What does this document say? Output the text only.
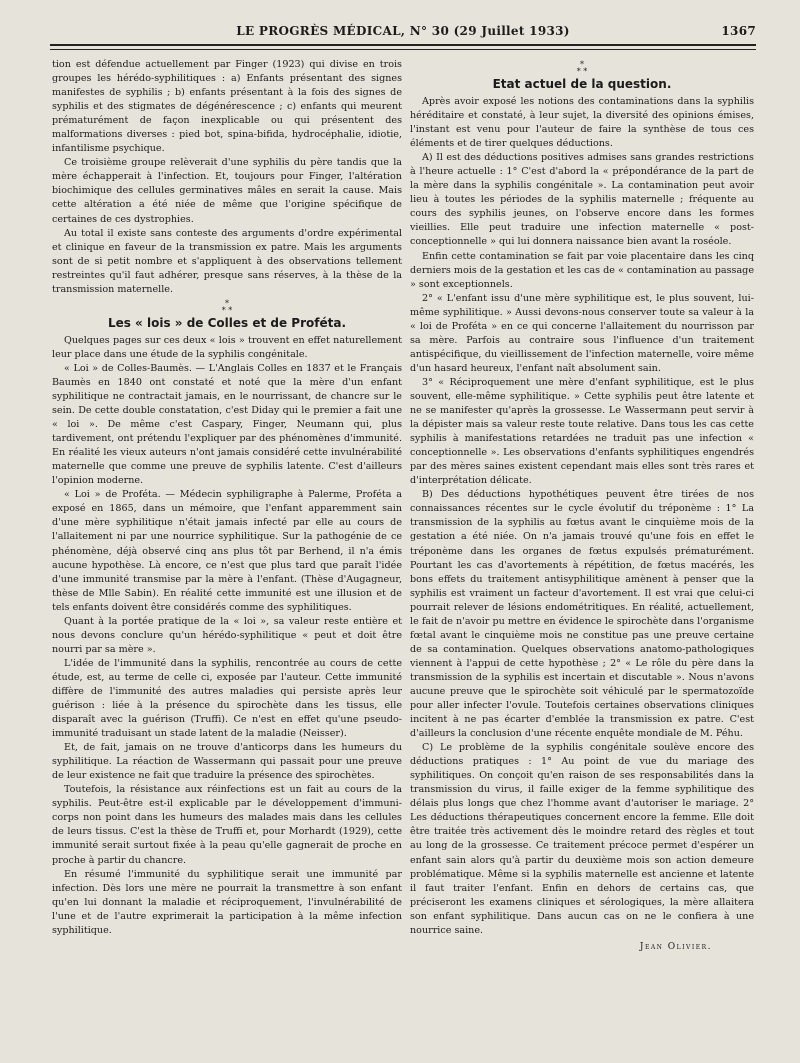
LE PROGRÈS MÉDICAL, N° 30 (29 Juillet 1933)	1367

tion est défendue actuellement par Finger (1923) qui divise en trois groupes les hérédo-syphilitiques : a) Enfants présentant des signes manifestes de syphilis ; b) enfants présentant à la fois des signes de syphilis et des stigmates de dégénérescence ; c) enfants qui meurent prématurément de façon inexplicable ou qui présentent des malformations diverses : pied bot, spina-bifida, hydrocéphalie, idiotie, infantilisme psychique.

Ce troisième groupe relèverait d'une syphilis du père tandis que la mère échapperait à l'infection. Et, toujours pour Finger, l'altération biochimique des cellules germinatives mâles en serait la cause. Mais cette altération a été niée de même que l'origine spécifique de certaines de ces dystrophies.

Au total il existe sans conteste des arguments d'ordre expérimental et clinique en faveur de la transmission ex patre. Mais les arguments sont de si petit nombre et s'appliquent à des observations tellement restreintes qu'il faut adhérer, presque sans réserves, à la thèse de la transmission maternelle.

*
* *
Les « lois » de Colles et de Proféta.

Quelques pages sur ces deux « lois » trouvent en effet naturellement leur place dans une étude de la syphilis congénitale.

« Loi » de Colles-Baumès. — L'Anglais Colles en 1837 et le Français Baumès en 1840 ont constaté et noté que la mère d'un enfant syphilitique ne contractait jamais, en le nourrissant, de chancre sur le sein. De cette double constatation, c'est Diday qui le premier a fait une « loi ». De même c'est Caspary, Finger, Neumann qui, plus tardivement, ont prétendu l'expliquer par des phénomènes d'immunité. En réalité les vieux auteurs n'ont jamais considéré cette invulnérabilité maternelle que comme une preuve de syphilis latente. C'est d'ailleurs l'opinion moderne.

« Loi » de Proféta. — Médecin syphiligraphe à Palerme, Proféta a exposé en 1865, dans un mémoire, que l'enfant apparemment sain d'une mère syphilitique n'était jamais infecté par elle au cours de l'allaitement ni par une nourrice syphilitique. Sur la pathogénie de ce phénomène, déjà observé cinq ans plus tôt par Berhend, il n'a émis aucune hypothèse. Là encore, ce n'est que plus tard que paraît l'idée d'une immunité transmise par la mère à l'enfant. (Thèse d'Augagneur, thèse de Mlle Sabin). En réalité cette immunité est une illusion et de tels enfants doivent être considérés comme des syphilitiques.

Quant à la portée pratique de la « loi », sa valeur reste entière et nous devons conclure qu'un hérédo-syphilitique « peut et doit être nourri par sa mère ».

L'idée de l'immunité dans la syphilis, rencontrée au cours de cette étude, est, au terme de celle ci, exposée par l'auteur. Cette immunité diffère de l'immunité des autres maladies qui persiste après leur guérison : liée à la présence du spirochète dans les tissus, elle disparaît avec la guérison (Truffi). Ce n'est en effet qu'une pseudo-immunité traduisant un stade latent de la maladie (Neisser).

Et, de fait, jamais on ne trouve d'anticorps dans les humeurs du syphilitique. La réaction de Wassermann qui passait pour une preuve de leur existence ne fait que traduire la présence des spirochètes.

Toutefois, la résistance aux réinfections est un fait au cours de la syphilis. Peut-être est-il explicable par le développement d'immuni-corps non point dans les humeurs des malades mais dans les cellules de leurs tissus. C'est la thèse de Truffi et, pour Morhardt (1929), cette immunité serait surtout fixée à la peau qu'elle gagnerait de proche en proche à partir du chancre.

En résumé l'immunité du syphilitique serait une immunité par infection. Dès lors une mère ne pourrait la transmettre à son enfant qu'en lui donnant la maladie et réciproquement, l'invulnérabilité de l'une et de l'autre exprimerait la participation à la même infection syphilitique.

*
* *
Etat actuel de la question.

Après avoir exposé les notions des contaminations dans la syphilis héréditaire et constaté, à leur sujet, la diversité des opinions émises, l'instant est venu pour l'auteur de faire la synthèse de tous ces éléments et de tirer quelques déductions.

A) Il est des déductions positives admises sans grandes restrictions à l'heure actuelle : 1° C'est d'abord la « prépondérance de la part de la mère dans la syphilis congénitale ». La contamination peut avoir lieu à toutes les périodes de la syphilis maternelle ; fréquente au cours des syphilis jeunes, on l'observe encore dans les formes vieillies. Elle peut traduire une infection maternelle « post-conceptionnelle » qui lui donnera naissance bien avant la roséole.

Enfin cette contamination se fait par voie placentaire dans les cinq derniers mois de la gestation et les cas de « contamination au passage » sont exceptionnels.

2° « L'enfant issu d'une mère syphilitique est, le plus souvent, lui-même syphilitique. » Aussi devons-nous conserver toute sa valeur à la « loi de Proféta » en ce qui concerne l'allaitement du nourrisson par sa mère. Parfois au contraire sous l'influence d'un traitement antispécifique, du vieillissement de l'infection maternelle, voire même d'un hasard heureux, l'enfant naît absolument sain.

3° « Réciproquement une mère d'enfant syphilitique, est le plus souvent, elle-même syphilitique. » Cette syphilis peut être latente et ne se manifester qu'après la grossesse. Le Wassermann peut servir à la dépister mais sa valeur reste toute relative. Dans tous les cas cette syphilis à manifestations retardées ne traduit pas une infection « conceptionnelle ». Les observations d'enfants syphilitiques engendrés par des mères saines existent cependant mais elles sont très rares et d'interprétation délicate.

B) Des déductions hypothétiques peuvent être tirées de nos connaissances récentes sur le cycle évolutif du tréponème : 1° La transmission de la syphilis au fœtus avant le cinquième mois de la gestation a été niée. On n'a jamais trouvé qu'une fois en effet le tréponème dans les organes de fœtus expulsés prématurément. Pourtant les cas d'avortements à répétition, de fœtus macérés, les bons effets du traitement antisyphilitique amènent à penser que la syphilis est vraiment un facteur d'avortement. Il est vrai que celui-ci pourrait relever de lésions endométritiques. En réalité, actuellement, le fait de n'avoir pu mettre en évidence le spirochète dans l'organisme fœtal avant le cinquième mois ne constitue pas une preuve certaine de sa contamination. Quelques observations anatomo-pathologiques viennent à l'appui de cette hypothèse ; 2° « Le rôle du père dans la transmission de la syphilis est incertain et discutable ». Nous n'avons aucune preuve que le spirochète soit véhiculé par le spermatozoïde pour aller infecter l'ovule. Toutefois certaines observations cliniques incitent à ne pas écarter d'emblée la transmission ex patre. C'est d'ailleurs la conclusion d'une récente enquête mondiale de M. Péhu.

C) Le problème de la syphilis congénitale soulève encore des déductions pratiques : 1° Au point de vue du mariage des syphilitiques. On conçoit qu'en raison de ses responsabilités dans la transmission du virus, il faille exiger de la femme syphilitique des délais plus longs que chez l'homme avant d'autoriser le mariage. 2° Les déductions thérapeutiques concernent encore la femme. Elle doit être traitée très activement dès le moindre retard des règles et tout au long de la grossesse. Ce traitement précoce permet d'espérer un enfant sain alors qu'à partir du deuxième mois son action demeure problématique. Même si la syphilis maternelle est ancienne et latente il faut traiter l'enfant. Enfin en dehors de certains cas, que préciseront les examens cliniques et sérologiques, la mère allaitera son enfant syphilitique. Dans aucun cas on ne le confiera à une nourrice saine.

Jean Olivier.
